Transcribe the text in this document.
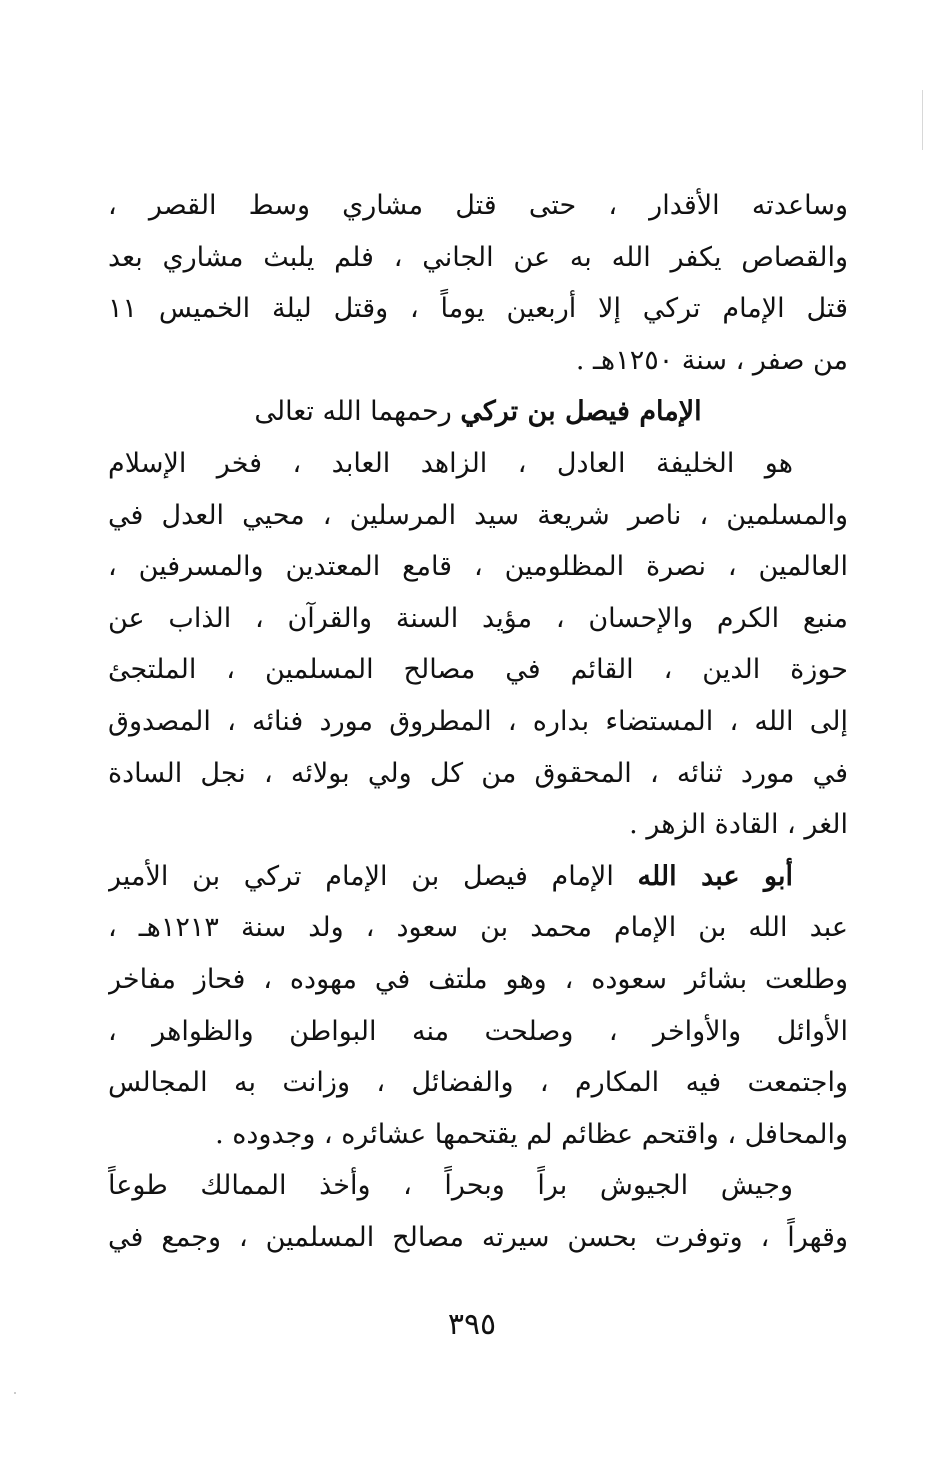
وساعدته الأقدار ، حتى قتل مشاري وسط القصر ،
والقصاص يكفر الله به عن الجاني ، فلم يلبث مشاري بعد
قتل الإمام تركي إلا أربعين يوماً ، وقتل ليلة الخميس ١١
من صفر ، سنة ١٢٥٠هـ .
الإمام فيصل بن تركي رحمهما الله تعالى
هو الخليفة العادل ، الزاهد العابد ، فخر الإسلام
والمسلمين ، ناصر شريعة سيد المرسلين ، محيي العدل في
العالمين ، نصرة المظلومين ، قامع المعتدين والمسرفين ،
منبع الكرم والإحسان ، مؤيد السنة والقرآن ، الذاب عن
حوزة الدين ، القائم في مصالح المسلمين ، الملتجئ
إلى الله ، المستضاء بداره ، المطروق مورد فنائه ، المصدوق
في مورد ثنائه ، المحقوق من كل ولي بولائه ، نجل السادة
الغر ، القادة الزهر .
أبو عبد الله الإمام فيصل بن الإمام تركي بن الأمير
عبد الله بن الإمام محمد بن سعود ، ولد سنة ١٢١٣هـ ،
وطلعت بشائر سعوده ، وهو ملتف في مهوده ، فحاز مفاخر
الأوائل والأواخر ، وصلحت منه البواطن والظواهر ،
واجتمعت فيه المكارم ، والفضائل ، وزانت به المجالس
والمحافل ، واقتحم عظائم لم يقتحمها عشائره ، وجدوده .
وجيش الجيوش براً وبحراً ، وأخذ الممالك طوعاً
وقهراً ، وتوفرت بحسن سيرته مصالح المسلمين ، وجمع في
٣٩٥
